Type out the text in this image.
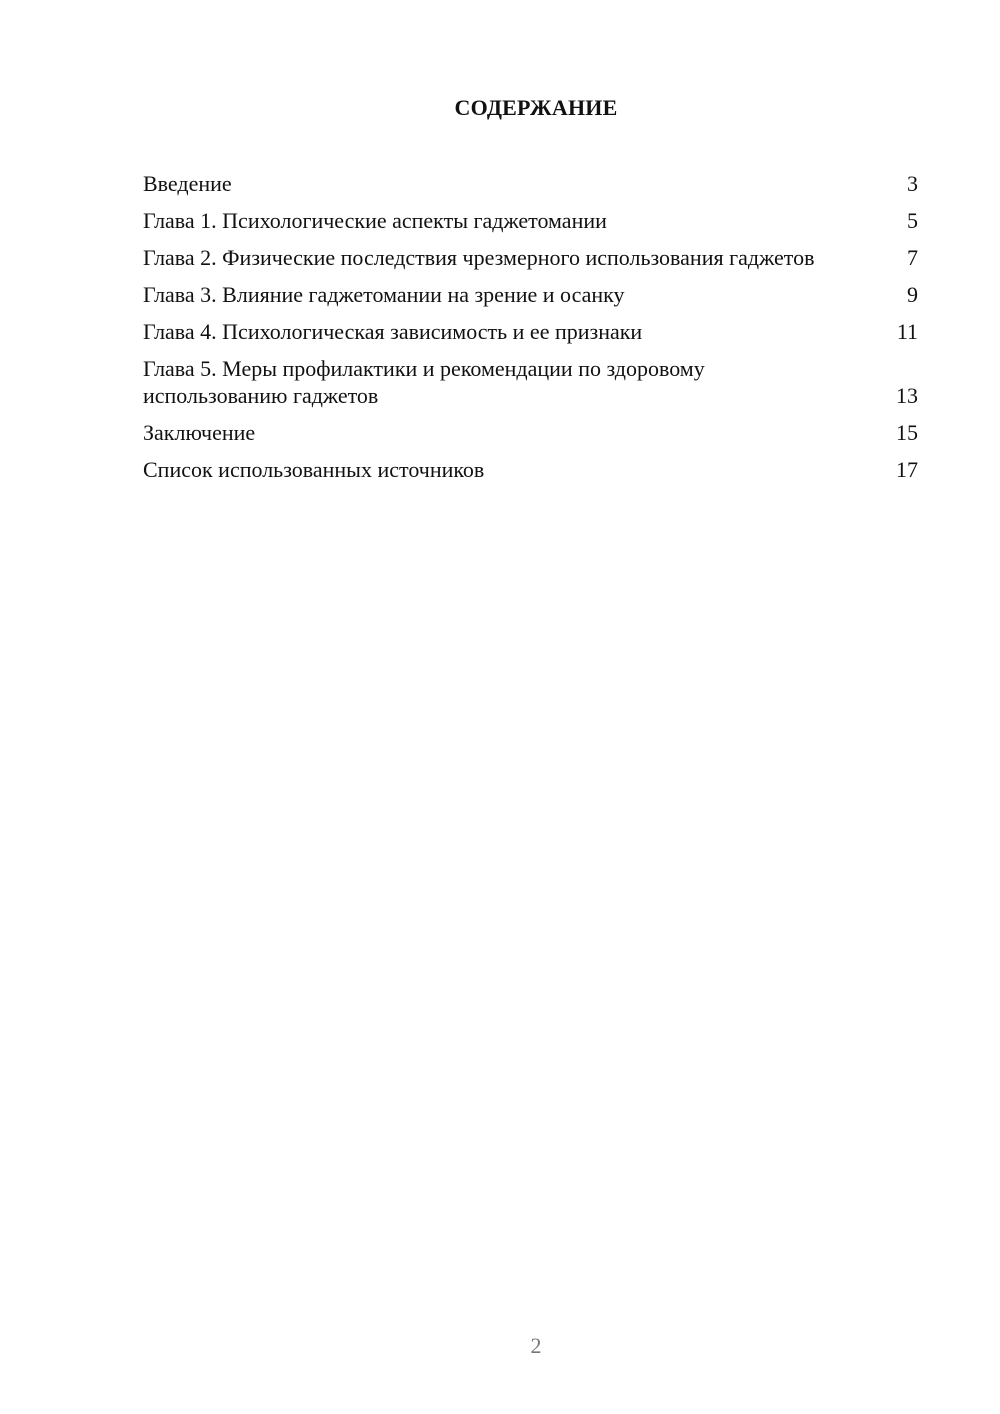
СОДЕРЖАНИЕ
Введение	3
Глава 1. Психологические аспекты гаджетомании	5
Глава 2. Физические последствия чрезмерного использования гаджетов	7
Глава 3. Влияние гаджетомании на зрение и осанку	9
Глава 4. Психологическая зависимость и ее признаки	11
Глава 5. Меры профилактики и рекомендации по здоровому использованию гаджетов	13
Заключение	15
Список использованных источников	17
2
